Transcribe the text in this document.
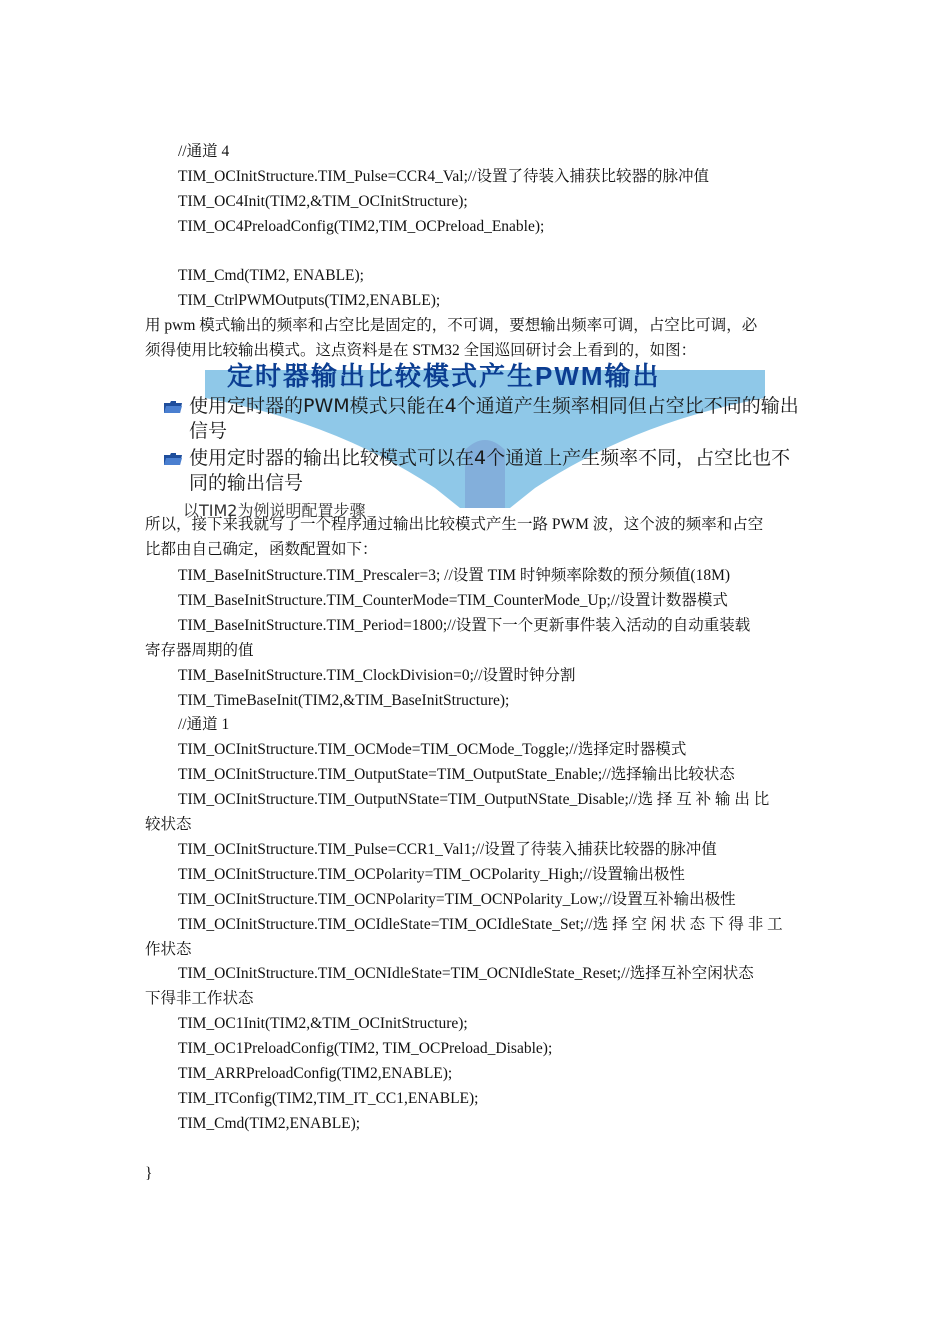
//通道 4
TIM_OCInitStructure.TIM_Pulse=CCR4_Val;//设置了待装入捕获比较器的脉冲值
TIM_OC4Init(TIM2,&TIM_OCInitStructure);
TIM_OC4PreloadConfig(TIM2,TIM_OCPreload_Enable);
TIM_Cmd(TIM2, ENABLE);
TIM_CtrlPWMOutputs(TIM2,ENABLE);
用 pwm 模式输出的频率和占空比是固定的，不可调，要想输出频率可调，占空比可调，必
须得使用比较输出模式。这点资料是在 STM32 全国巡回研讨会上看到的，如图：
定时器输出比较模式产生PWM输出
使用定时器的PWM模式只能在4个通道产生频率相同但占空比不同的输出信号
使用定时器的输出比较模式可以在4个通道上产生频率不同，占空比也不同的输出信号
以TIM2为例说明配置步骤
所以，接下来我就写了一个程序通过输出比较模式产生一路 PWM 波，这个波的频率和占空
比都由自己确定，函数配置如下：
TIM_BaseInitStructure.TIM_Prescaler=3; //设置 TIM 时钟频率除数的预分频值(18M)
TIM_BaseInitStructure.TIM_CounterMode=TIM_CounterMode_Up;//设置计数器模式
TIM_BaseInitStructure.TIM_Period=1800;//设置下一个更新事件装入活动的自动重装载
寄存器周期的值
TIM_BaseInitStructure.TIM_ClockDivision=0;//设置时钟分割
TIM_TimeBaseInit(TIM2,&TIM_BaseInitStructure);
//通道 1
TIM_OCInitStructure.TIM_OCMode=TIM_OCMode_Toggle;//选择定时器模式
TIM_OCInitStructure.TIM_OutputState=TIM_OutputState_Enable;//选择输出比较状态
TIM_OCInitStructure.TIM_OutputNState=TIM_OutputNState_Disable;//选 择 互 补 输 出 比
较状态
TIM_OCInitStructure.TIM_Pulse=CCR1_Val1;//设置了待装入捕获比较器的脉冲值
TIM_OCInitStructure.TIM_OCPolarity=TIM_OCPolarity_High;//设置输出极性
TIM_OCInitStructure.TIM_OCNPolarity=TIM_OCNPolarity_Low;//设置互补输出极性
TIM_OCInitStructure.TIM_OCIdleState=TIM_OCIdleState_Set;//选 择 空 闲 状 态 下 得 非 工
作状态
TIM_OCInitStructure.TIM_OCNIdleState=TIM_OCNIdleState_Reset;//选择互补空闲状态
下得非工作状态
TIM_OC1Init(TIM2,&TIM_OCInitStructure);
TIM_OC1PreloadConfig(TIM2, TIM_OCPreload_Disable);
TIM_ARRPreloadConfig(TIM2,ENABLE);
TIM_ITConfig(TIM2,TIM_IT_CC1,ENABLE);
TIM_Cmd(TIM2,ENABLE);
}
